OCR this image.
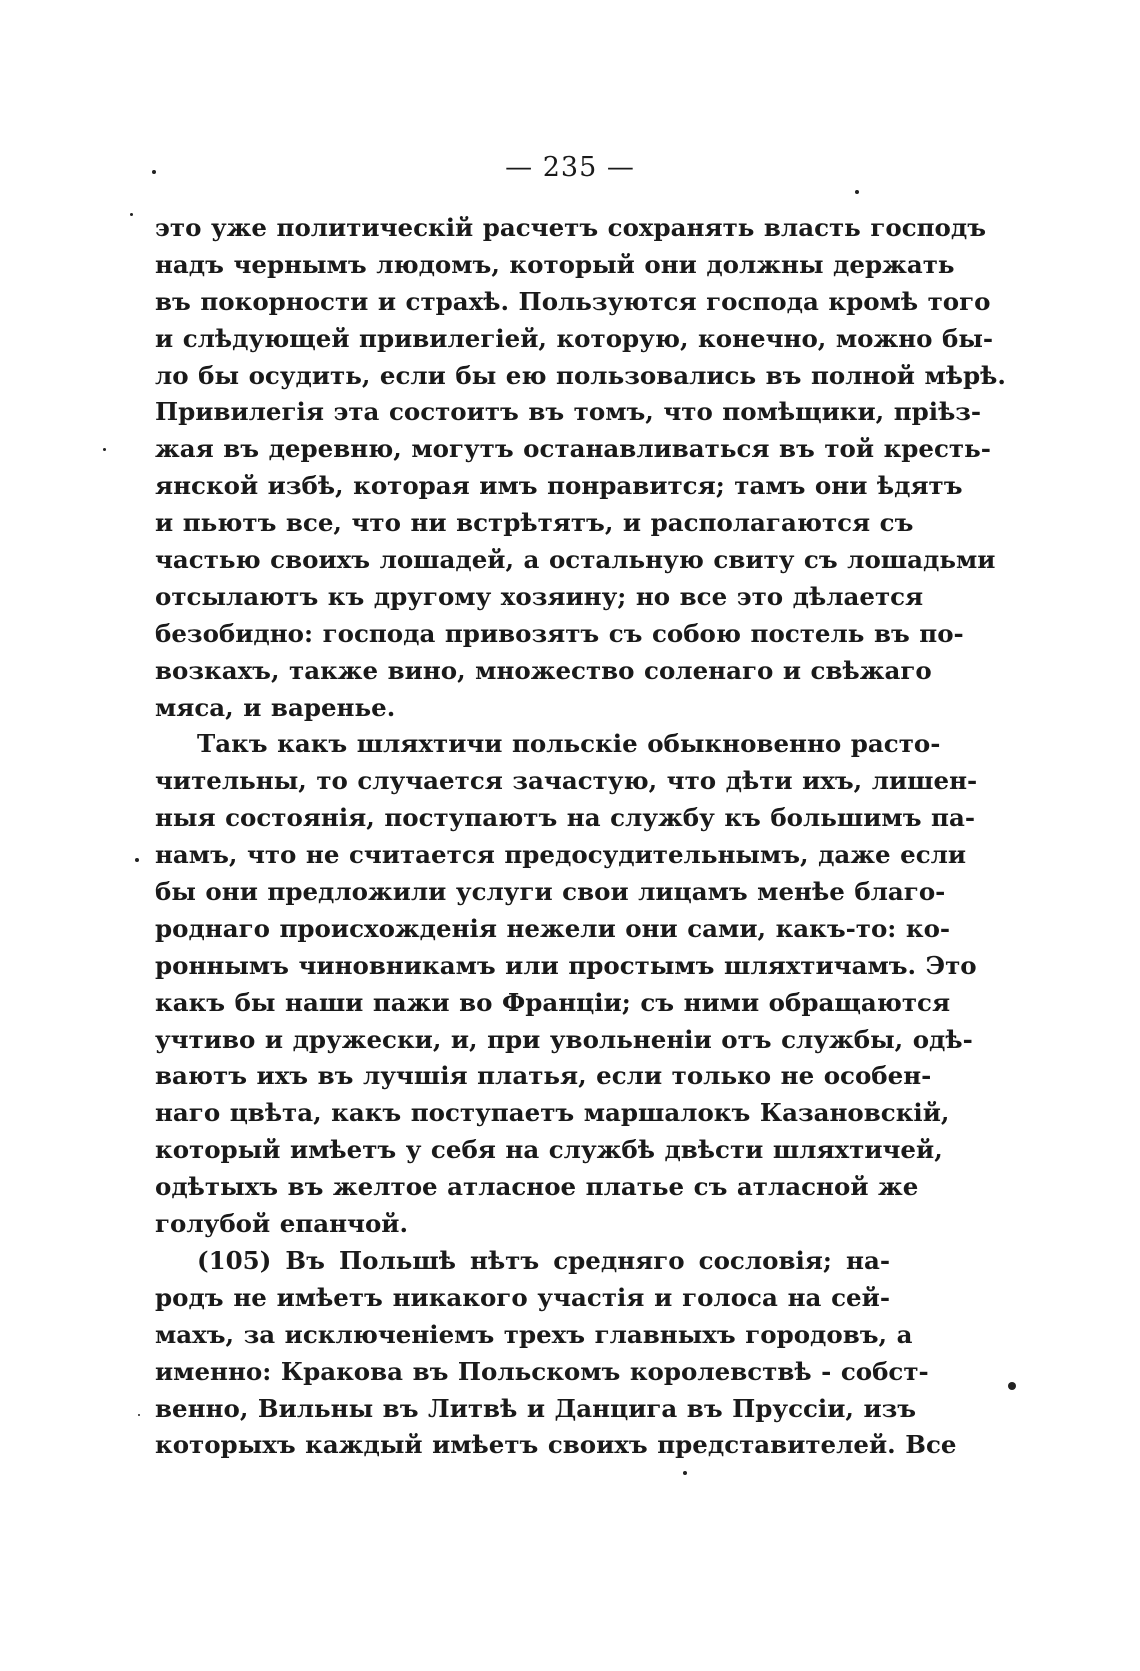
— 235 —
это уже политическій расчетъ сохранять власть господъ
надъ чернымъ людомъ, который они должны держать
въ покорности и страхѣ. Пользуются господа кромѣ того
и слѣдующей привилегіей, которую, конечно, можно бы-
ло бы осудить, если бы ею пользовались въ полной мѣрѣ.
Привилегія эта состоитъ въ томъ, что помѣщики, пріѣз-
жая въ деревню, могутъ останавливаться въ той кресть-
янской избѣ, которая имъ понравится; тамъ они ѣдятъ
и пьютъ все, что ни встрѣтятъ, и располагаются съ
частью своихъ лошадей, а остальную свиту съ лошадьми
отсылаютъ къ другому хозяину; но все это дѣлается
безобидно: господа привозятъ съ собою постель въ по-
возкахъ, также вино, множество соленаго и свѣжаго
мяса, и варенье.
Такъ какъ шляхтичи польскіе обыкновенно расто-
чительны, то случается зачастую, что дѣти ихъ, лишен-
ныя состоянія, поступаютъ на службу къ большимъ па-
намъ, что не считается предосудительнымъ, даже если
бы они предложили услуги свои лицамъ менѣе благо-
роднаго происхожденія нежели они сами, какъ-то: ко-
роннымъ чиновникамъ или простымъ шляхтичамъ. Это
какъ бы наши пажи во Франціи; съ ними обращаются
учтиво и дружески, и, при увольненіи отъ службы, одѣ-
ваютъ ихъ въ лучшія платья, если только не особен-
наго цвѣта, какъ поступаетъ маршалокъ Казановскій,
который имѣетъ у себя на службѣ двѣсти шляхтичей,
одѣтыхъ въ желтое атласное платье съ атласной же
голубой епанчой.
(105) Въ Польшѣ нѣтъ средняго сословія; на-
родъ не имѣетъ никакого участія и голоса на сей-
махъ, за исключеніемъ трехъ главныхъ городовъ, а
именно: Кракова въ Польскомъ королевствѣ - собст-
венно, Вильны въ Литвѣ и Данцига въ Пруссіи, изъ
которыхъ каждый имѣетъ своихъ представителей. Все
